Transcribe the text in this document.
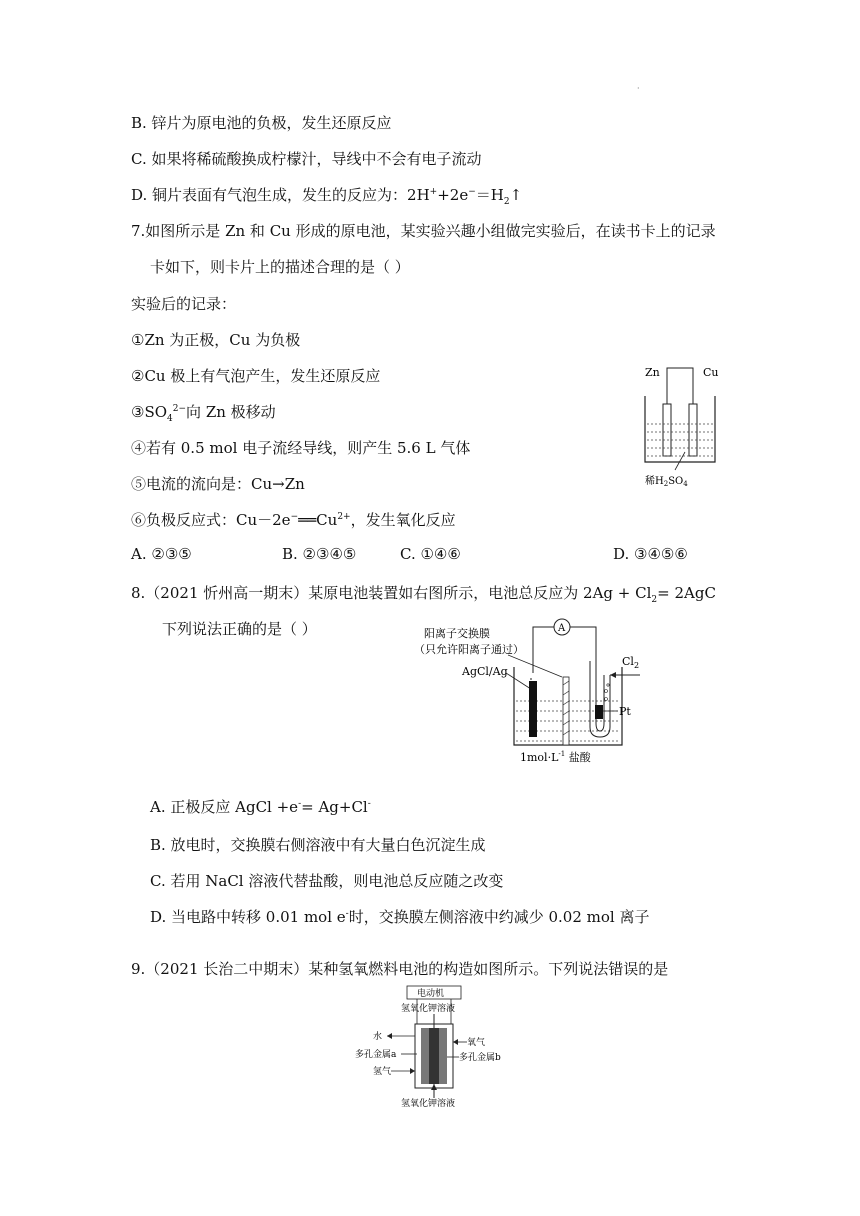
·
B. 锌片为原电池的负极，发生还原反应
C. 如果将稀硫酸换成柠檬汁，导线中不会有电子流动
D. 铜片表面有气泡生成，发生的反应为：$2H^++2e^-=H_2↑$
7.如图所示是 Zn 和 Cu 形成的原电池，某实验兴趣小组做完实验后，在读书卡上的记录
卡如下，则卡片上的描述合理的是（ ）
实验后的记录：
①Zn 为正极，Cu 为负极
②Cu 极上有气泡产生，发生还原反应
$③SO_4^{2-}$向 Zn 极移动
④若有 0.5 mol 电子流经导线，则产生 5.6 L 气体
⑤电流的流向是：Cu→Zn
⑥负极反应式：$Cu-2e^-══Cu^{2+}$，发生氧化反应
A. ②③⑤	B. ②③④⑤	C. ①④⑥	D. ③④⑤⑥
Zn	Cu
稀$H_2SO_4$
8.（2021 忻州高一期末）某原电池装置如右图所示，电池总反应为 $2Ag + Cl_2= 2AgC$
下列说法正确的是（ ）	阳离子交换膜
（只允许阳离子通过）
AgCl/Ag
A
$Cl_2$
Pt
$1mol\cdot L^{-1}$ 盐酸
A. 正极反应 AgCl +e-= Ag+Cl-
B. 放电时，交换膜右侧溶液中有大量白色沉淀生成
C. 若用 NaCl 溶液代替盐酸，则电池总反应随之改变
D. 当电路中转移 0.01 mol e-时，交换膜左侧溶液中约减少 0.02 mol 离子
9.（2021 长治二中期末）某种氢氧燃料电池的构造如图所示。下列说法错误的是
电动机
氢氧化钾溶液
水
多孔金属a
氢气
氧气
多孔金属b
氢氧化钾溶液
